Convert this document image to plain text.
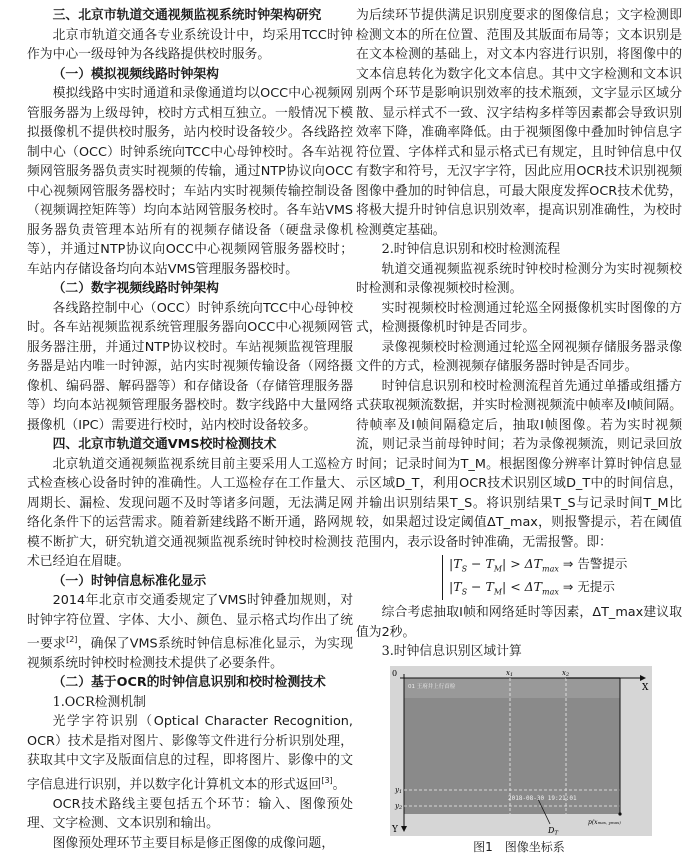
三、北京市轨道交通视频监视系统时钟架构研究

北京市轨道交通各专业系统设计中，均采用TCC时钟作为中心一级母钟为各线路提供校时服务。

（一）模拟视频线路时钟架构

模拟线路中实时通道和录像通道均以OCC中心视频网管服务器为上级母钟，校时方式相互独立。一般情况下模拟摄像机不提供校时服务，站内校时设备较少。各线路控制中心（OCC）时钟系统向TCC中心母钟校时。各车站视频网管服务器负责实时视频的传输，通过NTP协议向OCC中心视频网管服务器校时；车站内实时视频传输控制设备（视频调控矩阵等）均向本站网管服务校时。各车站VMS服务器负责管理本站所有的视频存储设备（硬盘录像机等），并通过NTP协议向OCC中心视频网管服务器校时；车站内存储设备均向本站VMS管理服务器校时。

（二）数字视频线路时钟架构

各线路控制中心（OCC）时钟系统向TCC中心母钟校时。各车站视频监视系统管理服务器向OCC中心视频网管服务器注册，并通过NTP协议校时。车站视频监视管理服务器是站内唯一时钟源，站内实时视频传输设备（网络摄像机、编码器、解码器等）和存储设备（存储管理服务器等）均向本站视频管理服务器校时。数字线路中大量网络摄像机（IPC）需要进行校时，站内校时设备较多。

四、北京市轨道交通VMS校时检测技术

北京轨道交通视频监视系统目前主要采用人工巡检方式检查核心设备时钟的准确性。人工巡检存在工作量大、周期长、漏检、发现问题不及时等诸多问题，无法满足网络化条件下的运营需求。随着新建线路不断开通，路网规模不断扩大，研究轨道交通视频监视系统时钟校时检测技术已经迫在眉睫。

（一）时钟信息标准化显示

2014年北京市交通委规定了VMS时钟叠加规则，对时钟字符位置、字体、大小、颜色、显示格式均作出了统一要求[2]，确保了VMS系统时钟信息标准化显示，为实现视频系统时钟校时检测技术提供了必要条件。

（二）基于OCR的时钟信息识别和校时检测技术

1.OCR检测机制

光学字符识别（Optical Character Recognition, OCR）技术是指对图片、影像等文件进行分析识别处理，获取其中文字及版面信息的过程，即将图片、影像中的文字信息进行识别，并以数字化计算机文本的形式返回[3]。

OCR技术路线主要包括五个环节：输入、图像预处理、文字检测、文本识别和输出。

图像预处理环节主要目标是修正图像的成像问题，

为后续环节提供满足识别度要求的图像信息；文字检测即检测文本的所在位置、范围及其版面布局等；文本识别是在文本检测的基础上，对文本内容进行识别，将图像中的文本信息转化为数字化文本信息。其中文字检测和文本识别两个环节是影响识别效率的技术瓶颈，文字显示区域分散、显示样式不一致、汉字结构多样等因素都会导致识别效率下降，准确率降低。由于视频图像中叠加时钟信息字符位置、字体样式和显示格式已有规定，且时钟信息中仅有数字和符号，无汉字字符，因此应用OCR技术识别视频图像中叠加的时钟信息，可最大限度发挥OCR技术优势，将极大提升时钟信息识别效率，提高识别准确性，为校时检测奠定基础。

2.时钟信息识别和校时检测流程

轨道交通视频监视系统时钟校时检测分为实时视频校时检测和录像视频校时检测。

实时视频校时检测通过轮巡全网摄像机实时图像的方式，检测摄像机时钟是否同步。

录像视频校时检测通过轮巡全网视频存储服务器录像文件的方式，检测视频存储服务器时钟是否同步。

时钟信息识别和校时检测流程首先通过单播或组播方式获取视频流数据，并实时检测视频流中帧率及I帧间隔。待帧率及I帧间隔稳定后，抽取I帧图像。若为实时视频流，则记录当前母钟时间；若为录像视频流，则记录回放时间；记录时间为T_M。根据图像分辨率计算时钟信息显示区域D_T，利用OCR技术识别区域D_T中的时间信息，并输出识别结果T_S。将识别结果T_S与记录时间T_M比较，如果超过设定阈值ΔT_max，则报警提示，若在阈值范围内，表示设备时钟准确，无需报警。即：

$|T_S - T_M| > \Delta T_{max}$ ⇒ 告警提示
$|T_S - T_M| < \Delta T_{max}$ ⇒ 无提示

综合考虑抽取I帧和网络延时等因素，ΔT_max建议取值为2秒。

3.时钟信息识别区域计算

0
X
Y
x1	x2
y1
y2
01 王府井上行首检
2018-08-30 19:21:01
DT
p(xmax, ymax)

图1　图像坐标系
